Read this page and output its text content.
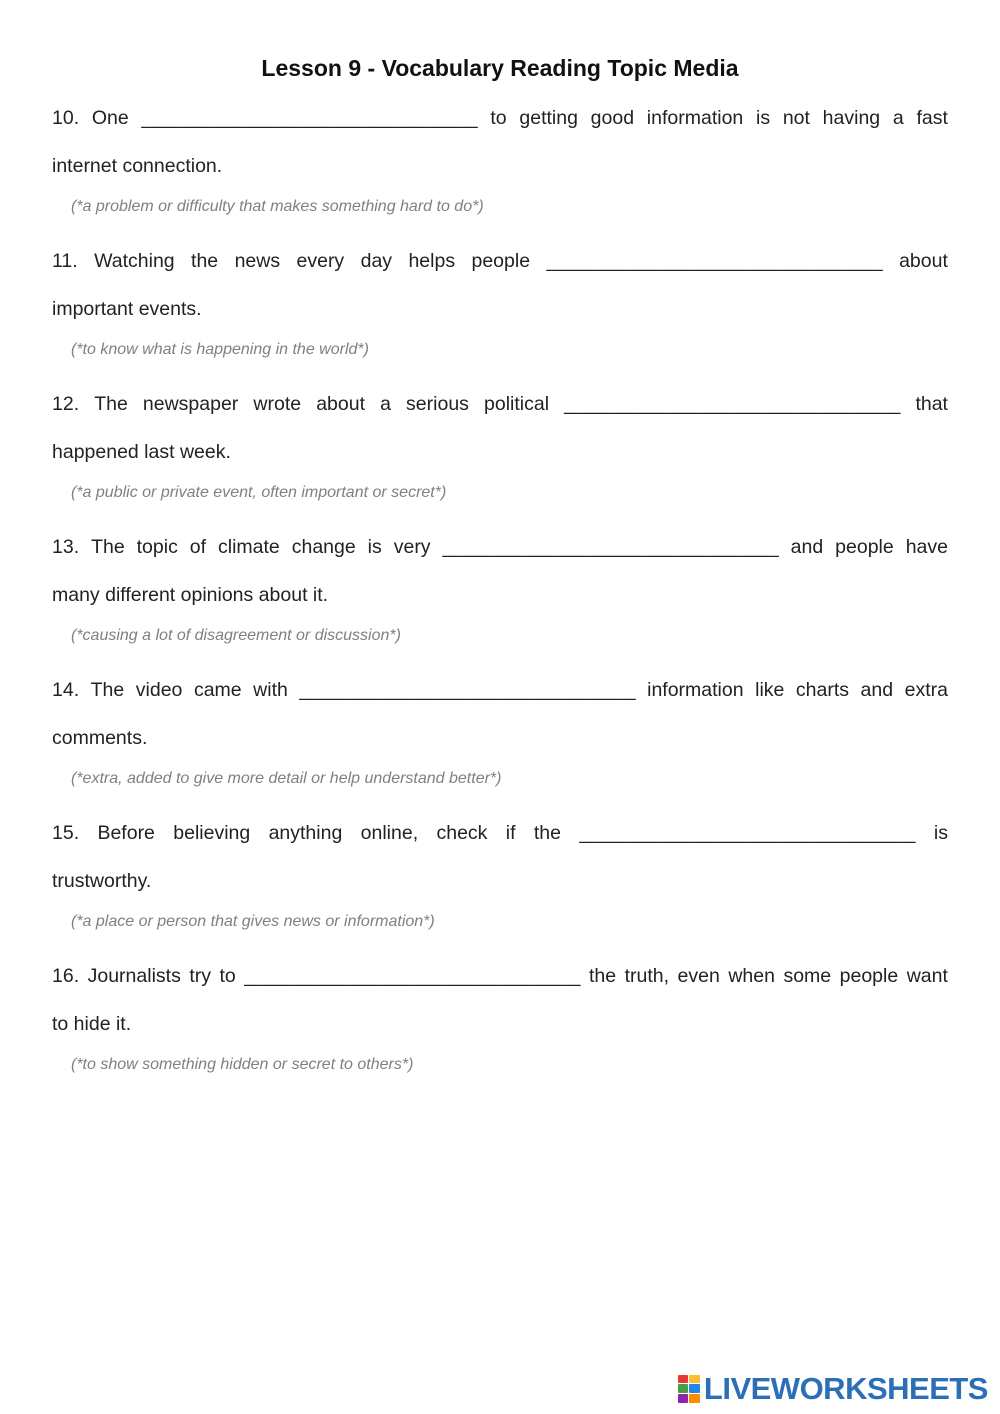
Lesson 9 - Vocabulary Reading Topic Media

10. One _______________________________ to getting good information is not having a fast
internet connection.

(*a problem or difficulty that makes something hard to do*)

11. Watching the news every day helps people _______________________________ about
important events.

(*to know what is happening in the world*)

12. The newspaper wrote about a serious political _______________________________ that
happened last week.

(*a public or private event, often important or secret*)

13. The topic of climate change is very _______________________________ and people have
many different opinions about it.

(*causing a lot of disagreement or discussion*)

14. The video came with _______________________________ information like charts and extra
comments.

(*extra, added to give more detail or help understand better*)

15. Before believing anything online, check if the _______________________________ is
trustworthy.

(*a place or person that gives news or information*)

16. Journalists try to _______________________________ the truth, even when some people want
to hide it.

(*to show something hidden or secret to others*)

LIVEWORKSHEETS
